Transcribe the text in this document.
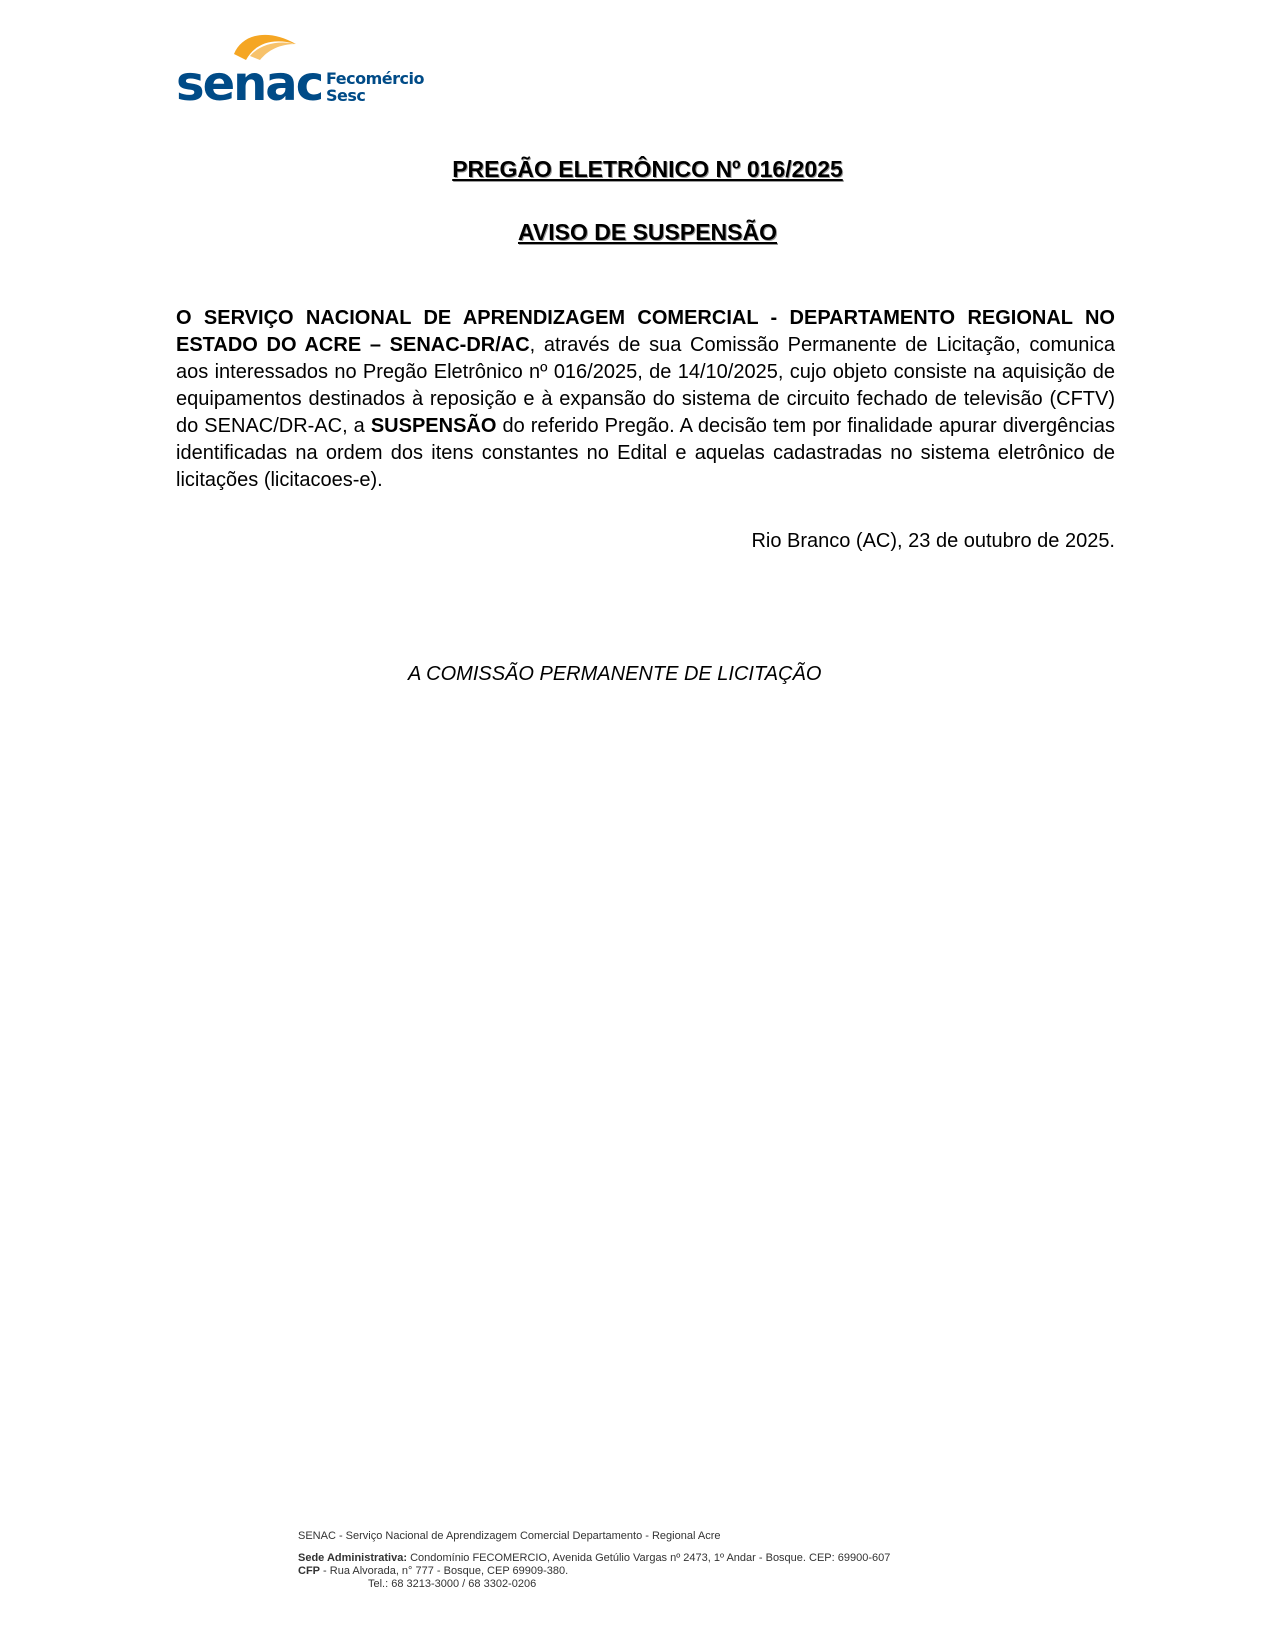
senac Fecomércio
Sesc
PREGÃO ELETRÔNICO Nº 016/2025
AVISO DE SUSPENSÃO

O SERVIÇO NACIONAL DE APRENDIZAGEM COMERCIAL - DEPARTAMENTO REGIONAL NO ESTADO DO ACRE – SENAC-DR/AC, através de sua Comissão Permanente de Licitação, comunica aos interessados no Pregão Eletrônico nº 016/2025, de 14/10/2025, cujo objeto consiste na aquisição de equipamentos destinados à reposição e à expansão do sistema de circuito fechado de televisão (CFTV) do SENAC/DR-AC, a SUSPENSÃO do referido Pregão. A decisão tem por finalidade apurar divergências identificadas na ordem dos itens constantes no Edital e aquelas cadastradas no sistema eletrônico de licitações (licitacoes-e).

Rio Branco (AC), 23 de outubro de 2025.
A COMISSÃO PERMANENTE DE LICITAÇÃO
SENAC - Serviço Nacional de Aprendizagem Comercial Departamento - Regional Acre
Sede Administrativa: Condomínio FECOMERCIO, Avenida Getúlio Vargas nº 2473, 1º Andar - Bosque. CEP: 69900-607
CFP - Rua Alvorada, n° 777 - Bosque, CEP 69909-380.
Tel.: 68 3213-3000 / 68 3302-0206
